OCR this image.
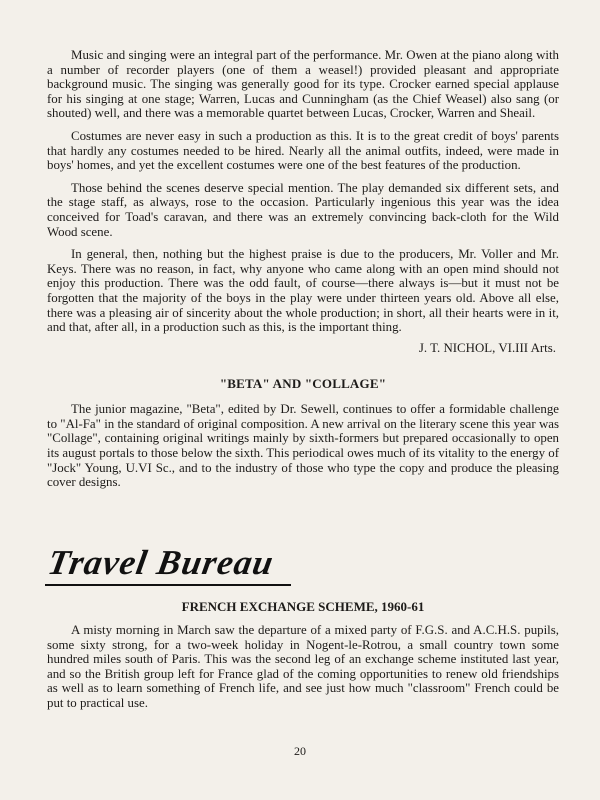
Music and singing were an integral part of the performance. Mr. Owen at the piano along with a number of recorder players (one of them a weasel!) provided pleasant and appropriate background music. The singing was generally good for its type. Crocker earned special applause for his singing at one stage; Warren, Lucas and Cunningham (as the Chief Weasel) also sang (or shouted) well, and there was a memorable quartet between Lucas, Crocker, Warren and Sheail.

Costumes are never easy in such a production as this. It is to the great credit of boys' parents that hardly any costumes needed to be hired. Nearly all the animal outfits, indeed, were made in boys' homes, and yet the excellent costumes were one of the best features of the production.

Those behind the scenes deserve special mention. The play demanded six different sets, and the stage staff, as always, rose to the occasion. Particularly ingenious this year was the idea conceived for Toad's caravan, and there was an extremely convincing back-cloth for the Wild Wood scene.

In general, then, nothing but the highest praise is due to the producers, Mr. Voller and Mr. Keys. There was no reason, in fact, why anyone who came along with an open mind should not enjoy this production. There was the odd fault, of course—there always is—but it must not be forgotten that the majority of the boys in the play were under thirteen years old. Above all else, there was a pleasing air of sincerity about the whole production; in short, all their hearts were in it, and that, after all, in a production such as this, is the important thing.

J. T. NICHOL, VI.III Arts.
"BETA" AND "COLLAGE"

The junior magazine, "Beta", edited by Dr. Sewell, continues to offer a formidable challenge to "Al-Fa" in the standard of original composition. A new arrival on the literary scene this year was "Collage", containing original writings mainly by sixth-formers but prepared occasionally to open its august portals to those below the sixth. This periodical owes much of its vitality to the energy of "Jock" Young, U.VI Sc., and to the industry of those who type the copy and produce the pleasing cover designs.

Travel Bureau
FRENCH EXCHANGE SCHEME, 1960-61

A misty morning in March saw the departure of a mixed party of F.G.S. and A.C.H.S. pupils, some sixty strong, for a two-week holiday in Nogent-le-Rotrou, a small country town some hundred miles south of Paris. This was the second leg of an exchange scheme instituted last year, and so the British group left for France glad of the coming opportunities to renew old friendships as well as to learn something of French life, and see just how much "classroom" French could be put to practical use.

20
